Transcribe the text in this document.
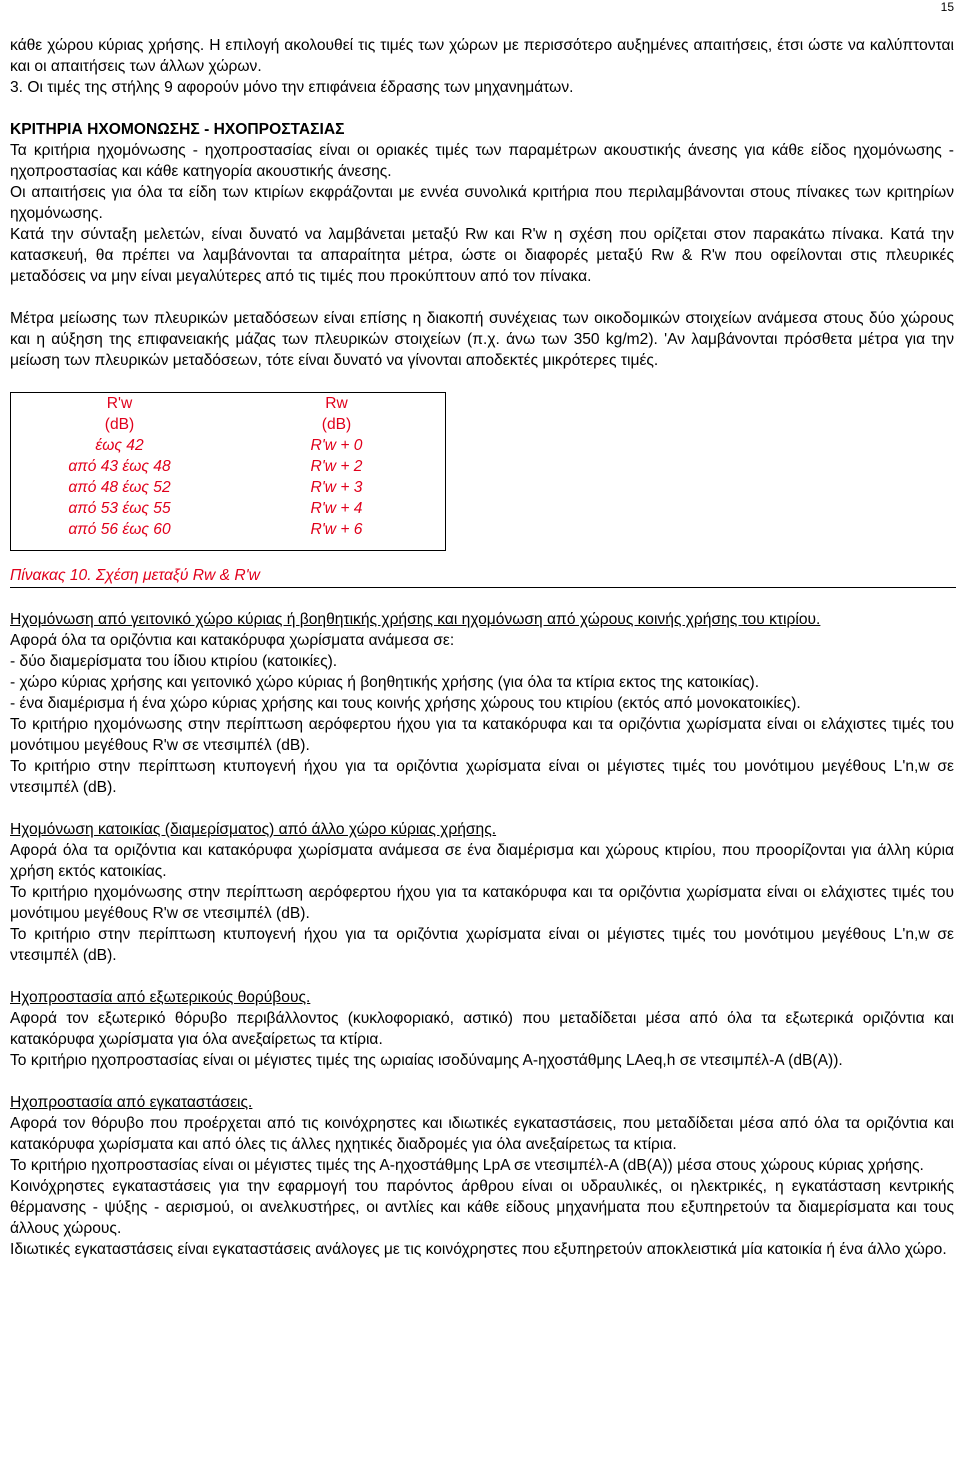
15

κάθε χώρου κύριας χρήσης. Η επιλογή ακολουθεί τις τιμές των χώρων με περισσότερο αυξημένες απαιτήσεις, έτσι ώστε να καλύπτονται και οι απαιτήσεις των άλλων χώρων.

3. Οι τιμές της στήλης 9 αφορούν μόνο την επιφάνεια έδρασης των μηχανημάτων.

ΚΡΙΤΗΡΙΑ ΗΧΟΜΟΝΩΣΗΣ - ΗΧΟΠΡΟΣΤΑΣΙΑΣ

Τα κριτήρια ηχομόνωσης - ηχοπροστασίας είναι οι οριακές τιμές των παραμέτρων ακουστικής άνεσης για κάθε είδος ηχομόνωσης - ηχοπροστασίας και κάθε κατηγορία ακουστικής άνεσης.

Οι απαιτήσεις για όλα τα είδη των κτιρίων εκφράζονται με εννέα συνολικά κριτήρια που περιλαμβάνονται στους πίνακες των κριτηρίων ηχομόνωσης.

Κατά την σύνταξη μελετών, είναι δυνατό να λαμβάνεται μεταξύ Rw και R'w η σχέση που ορίζεται στον παρακάτω πίνακα. Κατά την κατασκευή, θα πρέπει να λαμβάνονται τα απαραίτητα μέτρα, ώστε οι διαφορές μεταξύ Rw & R'w που οφείλονται στις πλευρικές μεταδόσεις να μην είναι μεγαλύτερες από τις τιμές που προκύπτουν από τον πίνακα.

Μέτρα μείωσης των πλευρικών μεταδόσεων είναι επίσης η διακοπή συνέχειας των οικοδομικών στοιχείων ανάμεσα στους δύο χώρους και η αύξηση της επιφανειακής μάζας των πλευρικών στοιχείων (π.χ. άνω των 350 kg/m2). 'Αν λαμβάνονται πρόσθετα μέτρα για την μείωση των πλευρικών μεταδόσεων, τότε είναι δυνατό να γίνονται αποδεκτές μικρότερες τιμές.

R'w	Rw
(dB)	(dB)
έως 42	R'w + 0
από 43 έως 48	R'w + 2
από 48 έως 52	R'w + 3
από 53 έως 55	R'w + 4
από 56 έως 60	R'w + 6

Πίνακας 10. Σχέση μεταξύ Rw & R'w

Ηχομόνωση από γειτονικό χώρο κύριας ή βοηθητικής χρήσης και ηχομόνωση από χώρους κοινής χρήσης του κτιρίου.

Αφορά όλα τα οριζόντια και κατακόρυφα χωρίσματα ανάμεσα σε:

- δύο διαμερίσματα του ίδιου κτιρίου (κατοικίες).

- χώρο κύριας χρήσης και γειτονικό χώρο κύριας ή βοηθητικής χρήσης (για όλα τα κτίρια εκτος της κατοικίας).

- ένα διαμέρισμα ή ένα χώρο κύριας χρήσης και τους κοινής χρήσης χώρους του κτιρίου (εκτός από μονοκατοικίες).

Το κριτήριο ηχομόνωσης στην περίπτωση αερόφερτου ήχου για τα κατακόρυφα και τα οριζόντια χωρίσματα είναι οι ελάχιστες τιμές του μονότιμου μεγέθους R'w σε ντεσιμπέλ (dB).

Το κριτήριο στην περίπτωση κτυπογενή ήχου για τα οριζόντια χωρίσματα είναι οι μέγιστες τιμές του μονότιμου μεγέθους L'n,w σε ντεσιμπέλ (dB).

Ηχομόνωση κατοικίας (διαμερίσματος) από άλλο χώρο κύριας χρήσης.

Αφορά όλα τα οριζόντια και κατακόρυφα χωρίσματα ανάμεσα σε ένα διαμέρισμα και χώρους κτιρίου, που προορίζονται για άλλη κύρια χρήση εκτός κατοικίας.

Το κριτήριο ηχομόνωσης στην περίπτωση αερόφερτου ήχου για τα κατακόρυφα και τα οριζόντια χωρίσματα είναι οι ελάχιστες τιμές του μονότιμου μεγέθους R'w σε ντεσιμπέλ (dB).

Το κριτήριο στην περίπτωση κτυπογενή ήχου για τα οριζόντια χωρίσματα είναι οι μέγιστες τιμές του μονότιμου μεγέθους L'n,w σε ντεσιμπέλ (dB).

Ηχοπροστασία από εξωτερικούς θορύβους.

Αφορά τον εξωτερικό θόρυβο περιβάλλοντος (κυκλοφοριακό, αστικό) που μεταδίδεται μέσα από όλα τα εξωτερικά οριζόντια και κατακόρυφα χωρίσματα για όλα ανεξαίρετως τα κτίρια.

Το κριτήριο ηχοπροστασίας είναι οι μέγιστες τιμές της ωριαίας ισοδύναμης Α-ηχοστάθμης LAeq,h σε ντεσιμπέλ-A (dB(A)).

Ηχοπροστασία από εγκαταστάσεις.

Αφορά τον θόρυβο που προέρχεται από τις κοινόχρηστες και ιδιωτικές εγκαταστάσεις, που μεταδίδεται μέσα από όλα τα οριζόντια και κατακόρυφα χωρίσματα και από όλες τις άλλες ηχητικές διαδρομές για όλα ανεξαίρετως τα κτίρια.

Το κριτήριο ηχοπροστασίας είναι οι μέγιστες τιμές της Α-ηχοστάθμης LpA σε ντεσιμπέλ-A (dB(A)) μέσα στους χώρους κύριας χρήσης.

Κοινόχρηστες εγκαταστάσεις για την εφαρμογή του παρόντος άρθρου είναι οι υδραυλικές, οι ηλεκτρικές, η εγκατάσταση κεντρικής θέρμανσης - ψύξης - αερισμού, οι ανελκυστήρες, οι αντλίες και κάθε είδους μηχανήματα που εξυπηρετούν τα διαμερίσματα και τους άλλους χώρους.

Ιδιωτικές εγκαταστάσεις είναι εγκαταστάσεις ανάλογες με τις κοινόχρηστες που εξυπηρετούν αποκλειστικά μία κατοικία ή ένα άλλο χώρο.
